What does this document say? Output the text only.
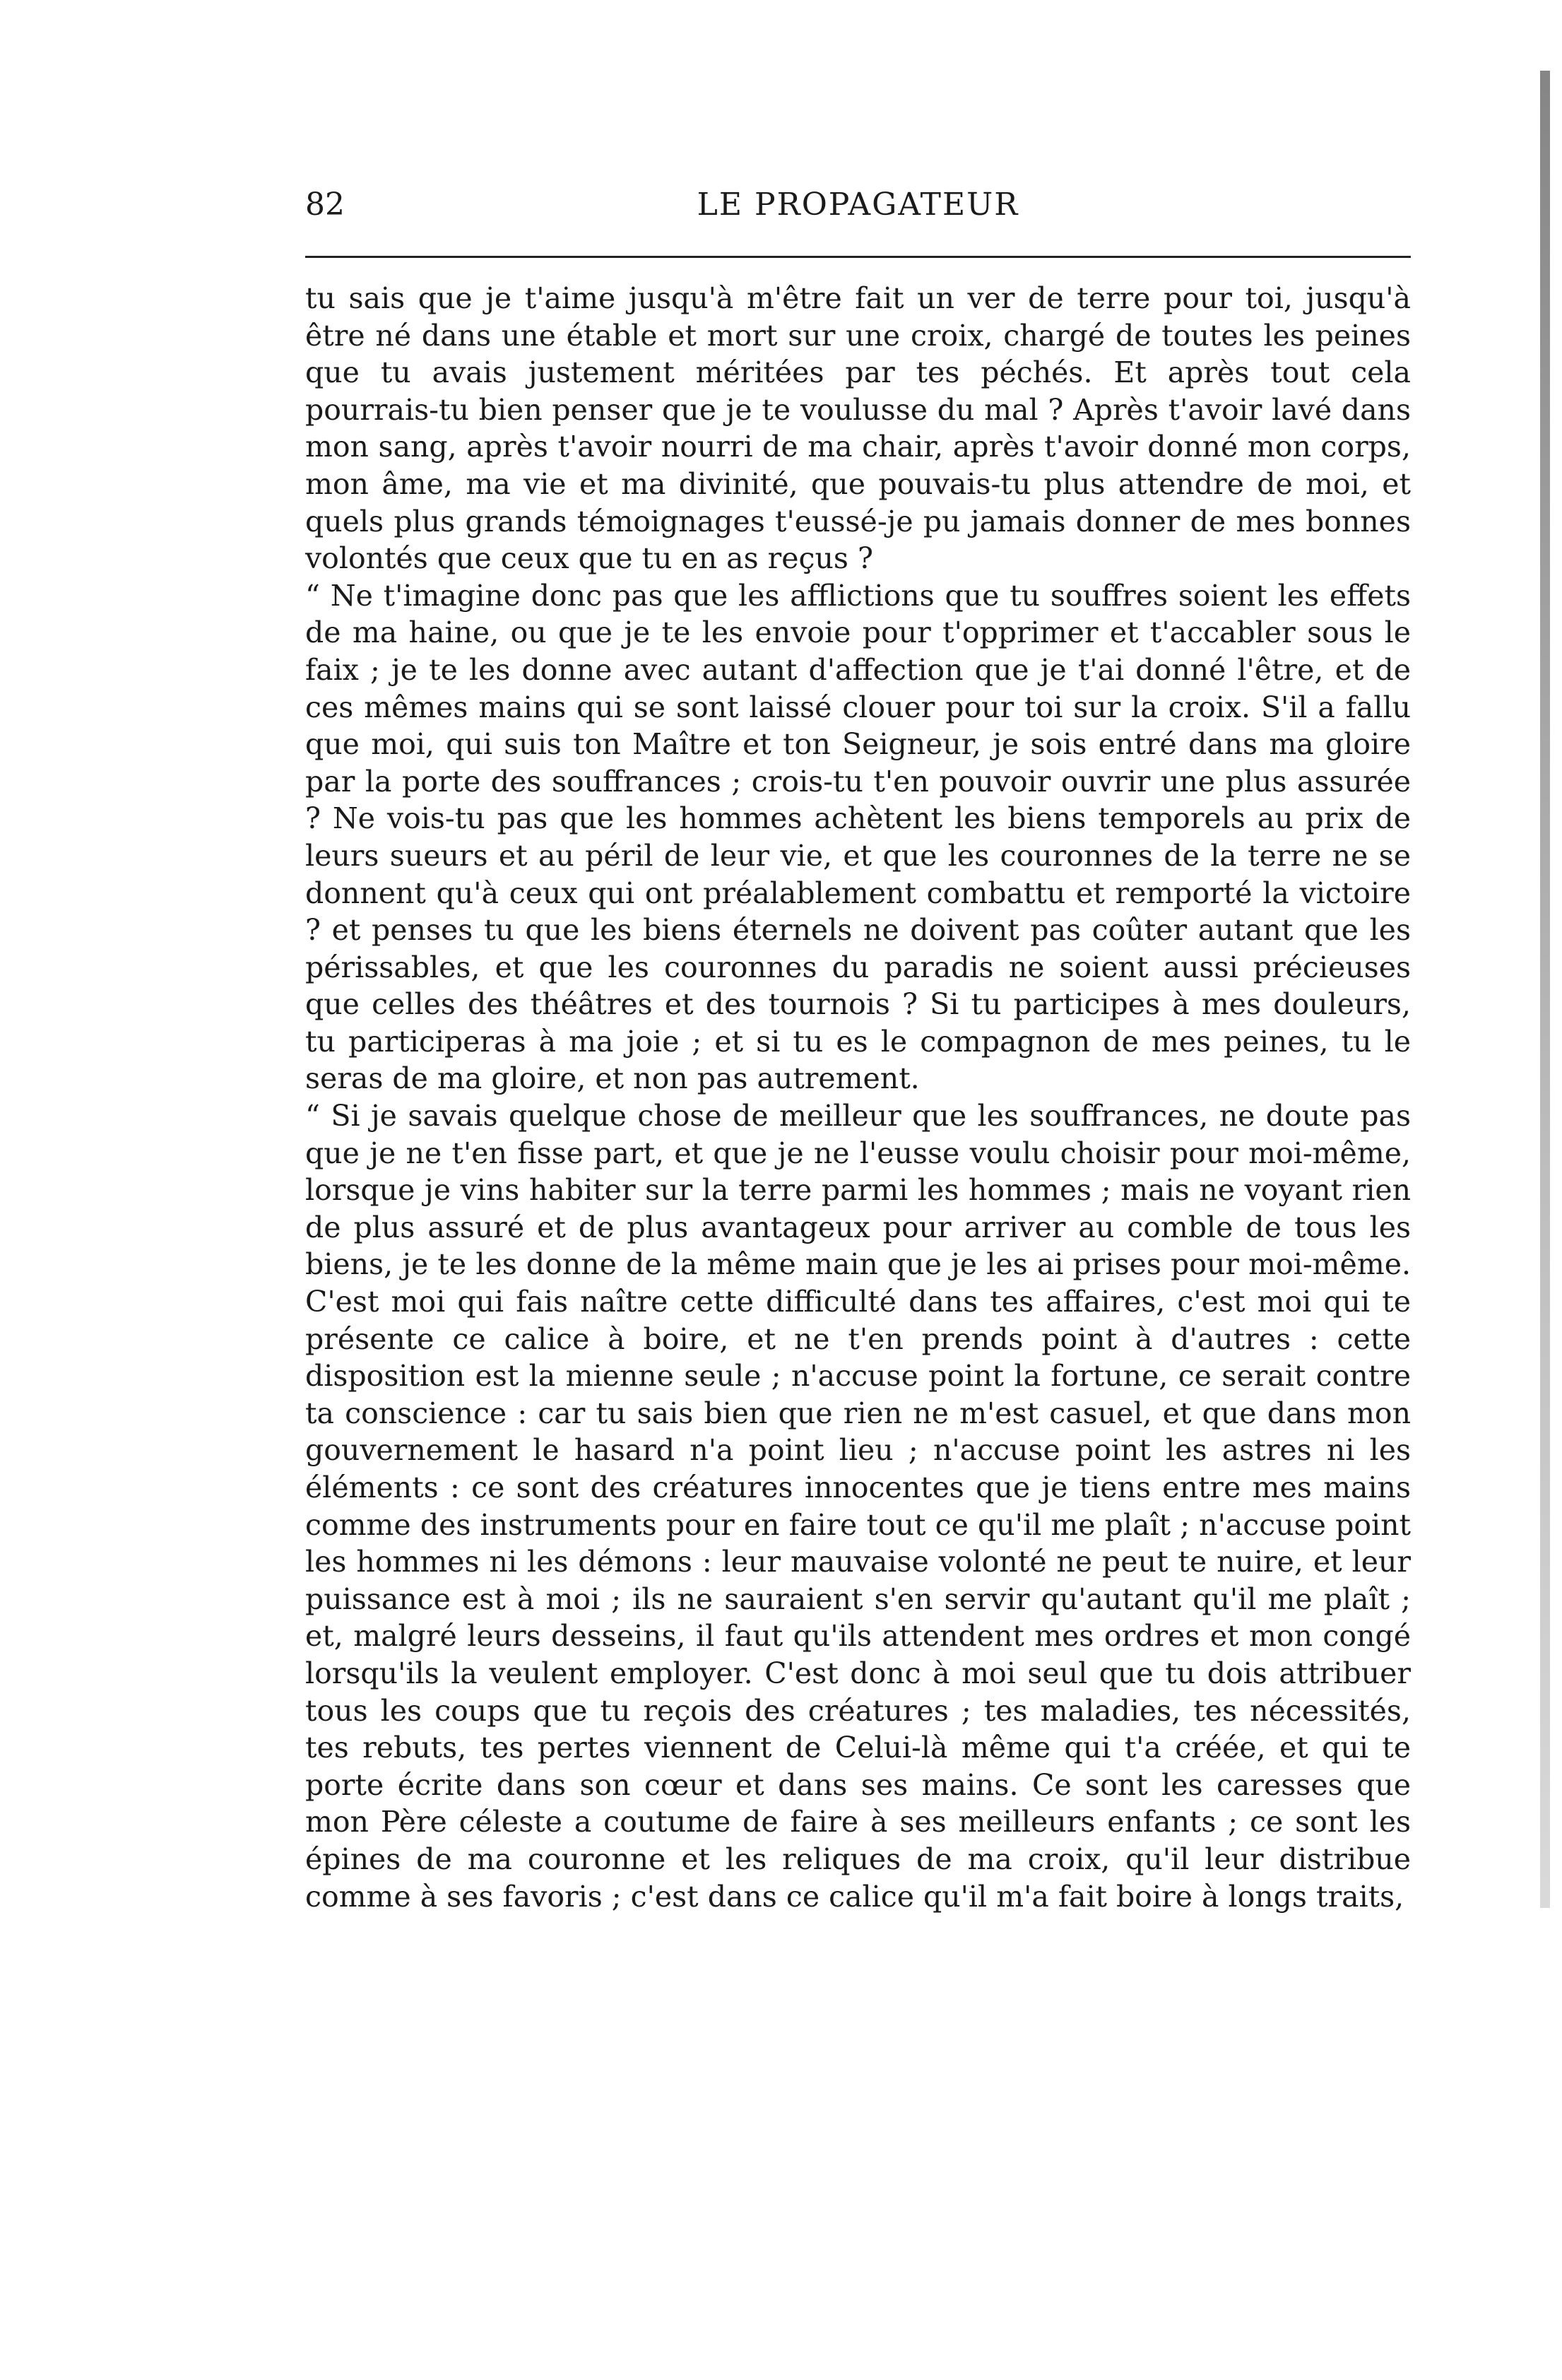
82	LE PROPAGATEUR

tu sais que je t'aime jusqu'à m'être fait un ver de terre pour toi, jusqu'à être né dans une étable et mort sur une croix, chargé de toutes les peines que tu avais justement méritées par tes péchés. Et après tout cela pourrais-tu bien penser que je te voulusse du mal ? Après t'avoir lavé dans mon sang, après t'avoir nourri de ma chair, après t'avoir donné mon corps, mon âme, ma vie et ma divinité, que pouvais-tu plus attendre de moi, et quels plus grands témoignages t'eussé-je pu jamais donner de mes bonnes volontés que ceux que tu en as reçus ?

“ Ne t'imagine donc pas que les afflictions que tu souffres soient les effets de ma haine, ou que je te les envoie pour t'opprimer et t'accabler sous le faix ; je te les donne avec autant d'affection que je t'ai donné l'être, et de ces mêmes mains qui se sont laissé clouer pour toi sur la croix. S'il a fallu que moi, qui suis ton Maître et ton Seigneur, je sois entré dans ma gloire par la porte des souffrances ; crois-tu t'en pouvoir ouvrir une plus assurée ? Ne vois-tu pas que les hommes achètent les biens temporels au prix de leurs sueurs et au péril de leur vie, et que les couronnes de la terre ne se donnent qu'à ceux qui ont préalablement combattu et remporté la victoire ? et penses tu que les biens éternels ne doivent pas coûter autant que les périssables, et que les couronnes du paradis ne soient aussi précieuses que celles des théâtres et des tournois ? Si tu participes à mes douleurs, tu participeras à ma joie ; et si tu es le compagnon de mes peines, tu le seras de ma gloire, et non pas autrement.

“ Si je savais quelque chose de meilleur que les souffrances, ne doute pas que je ne t'en fisse part, et que je ne l'eusse voulu choisir pour moi-même, lorsque je vins habiter sur la terre parmi les hommes ; mais ne voyant rien de plus assuré et de plus avantageux pour arriver au comble de tous les biens, je te les donne de la même main que je les ai prises pour moi-même. C'est moi qui fais naître cette difficulté dans tes affaires, c'est moi qui te présente ce calice à boire, et ne t'en prends point à d'autres : cette disposition est la mienne seule ; n'accuse point la fortune, ce serait contre ta conscience : car tu sais bien que rien ne m'est casuel, et que dans mon gouvernement le hasard n'a point lieu ; n'accuse point les astres ni les éléments : ce sont des créatures innocentes que je tiens entre mes mains comme des instruments pour en faire tout ce qu'il me plaît ; n'accuse point les hommes ni les démons : leur mauvaise volonté ne peut te nuire, et leur puissance est à moi ; ils ne sauraient s'en servir qu'autant qu'il me plaît ; et, malgré leurs desseins, il faut qu'ils attendent mes ordres et mon congé lorsqu'ils la veulent employer. C'est donc à moi seul que tu dois attribuer tous les coups que tu reçois des créatures ; tes maladies, tes nécessités, tes rebuts, tes pertes viennent de Celui-là même qui t'a créée, et qui te porte écrite dans son cœur et dans ses mains. Ce sont les caresses que mon Père céleste a coutume de faire à ses meilleurs enfants ; ce sont les épines de ma couronne et les reliques de ma croix, qu'il leur distribue comme à ses favoris ; c'est dans ce calice qu'il m'a fait boire à longs traits,
